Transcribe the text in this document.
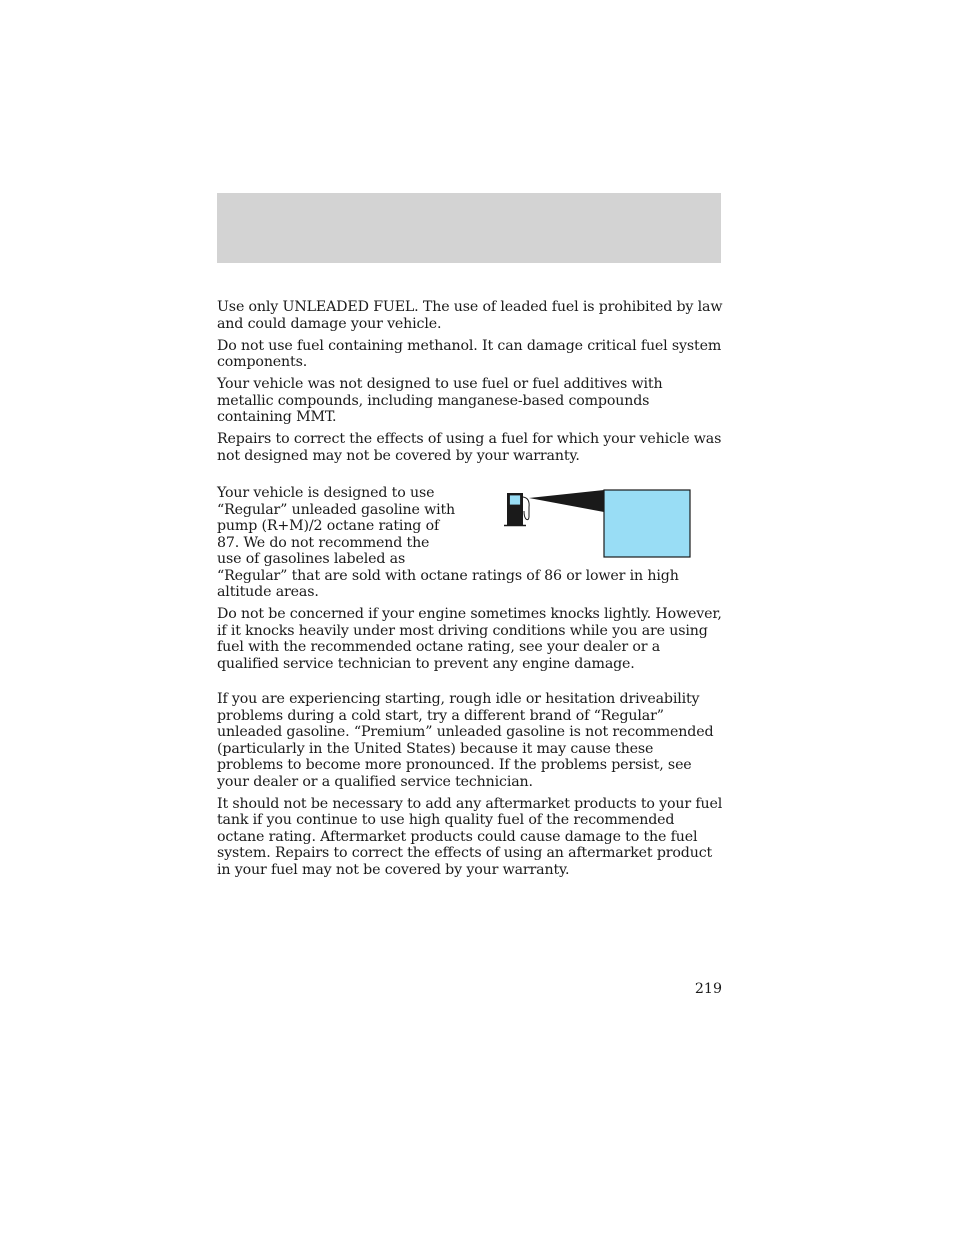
Use only UNLEADED FUEL. The use of leaded fuel is prohibited by law and could damage your vehicle.

Do not use fuel containing methanol. It can damage critical fuel system components.

Your vehicle was not designed to use fuel or fuel additives with metallic compounds, including manganese-based compounds containing MMT.

Repairs to correct the effects of using a fuel for which your vehicle was not designed may not be covered by your warranty.

Your vehicle is designed to use “Regular” unleaded gasoline with pump (R+M)/2 octane rating of 87. We do not recommend the use of gasolines labeled as “Regular” that are sold with octane ratings of 86 or lower in high altitude areas.

Do not be concerned if your engine sometimes knocks lightly. However, if it knocks heavily under most driving conditions while you are using fuel with the recommended octane rating, see your dealer or a qualified service technician to prevent any engine damage.

If you are experiencing starting, rough idle or hesitation driveability problems during a cold start, try a different brand of “Regular” unleaded gasoline. “Premium” unleaded gasoline is not recommended (particularly in the United States) because it may cause these problems to become more pronounced. If the problems persist, see your dealer or a qualified service technician.

It should not be necessary to add any aftermarket products to your fuel tank if you continue to use high quality fuel of the recommended octane rating. Aftermarket products could cause damage to the fuel system. Repairs to correct the effects of using an aftermarket product in your fuel may not be covered by your warranty.

219
